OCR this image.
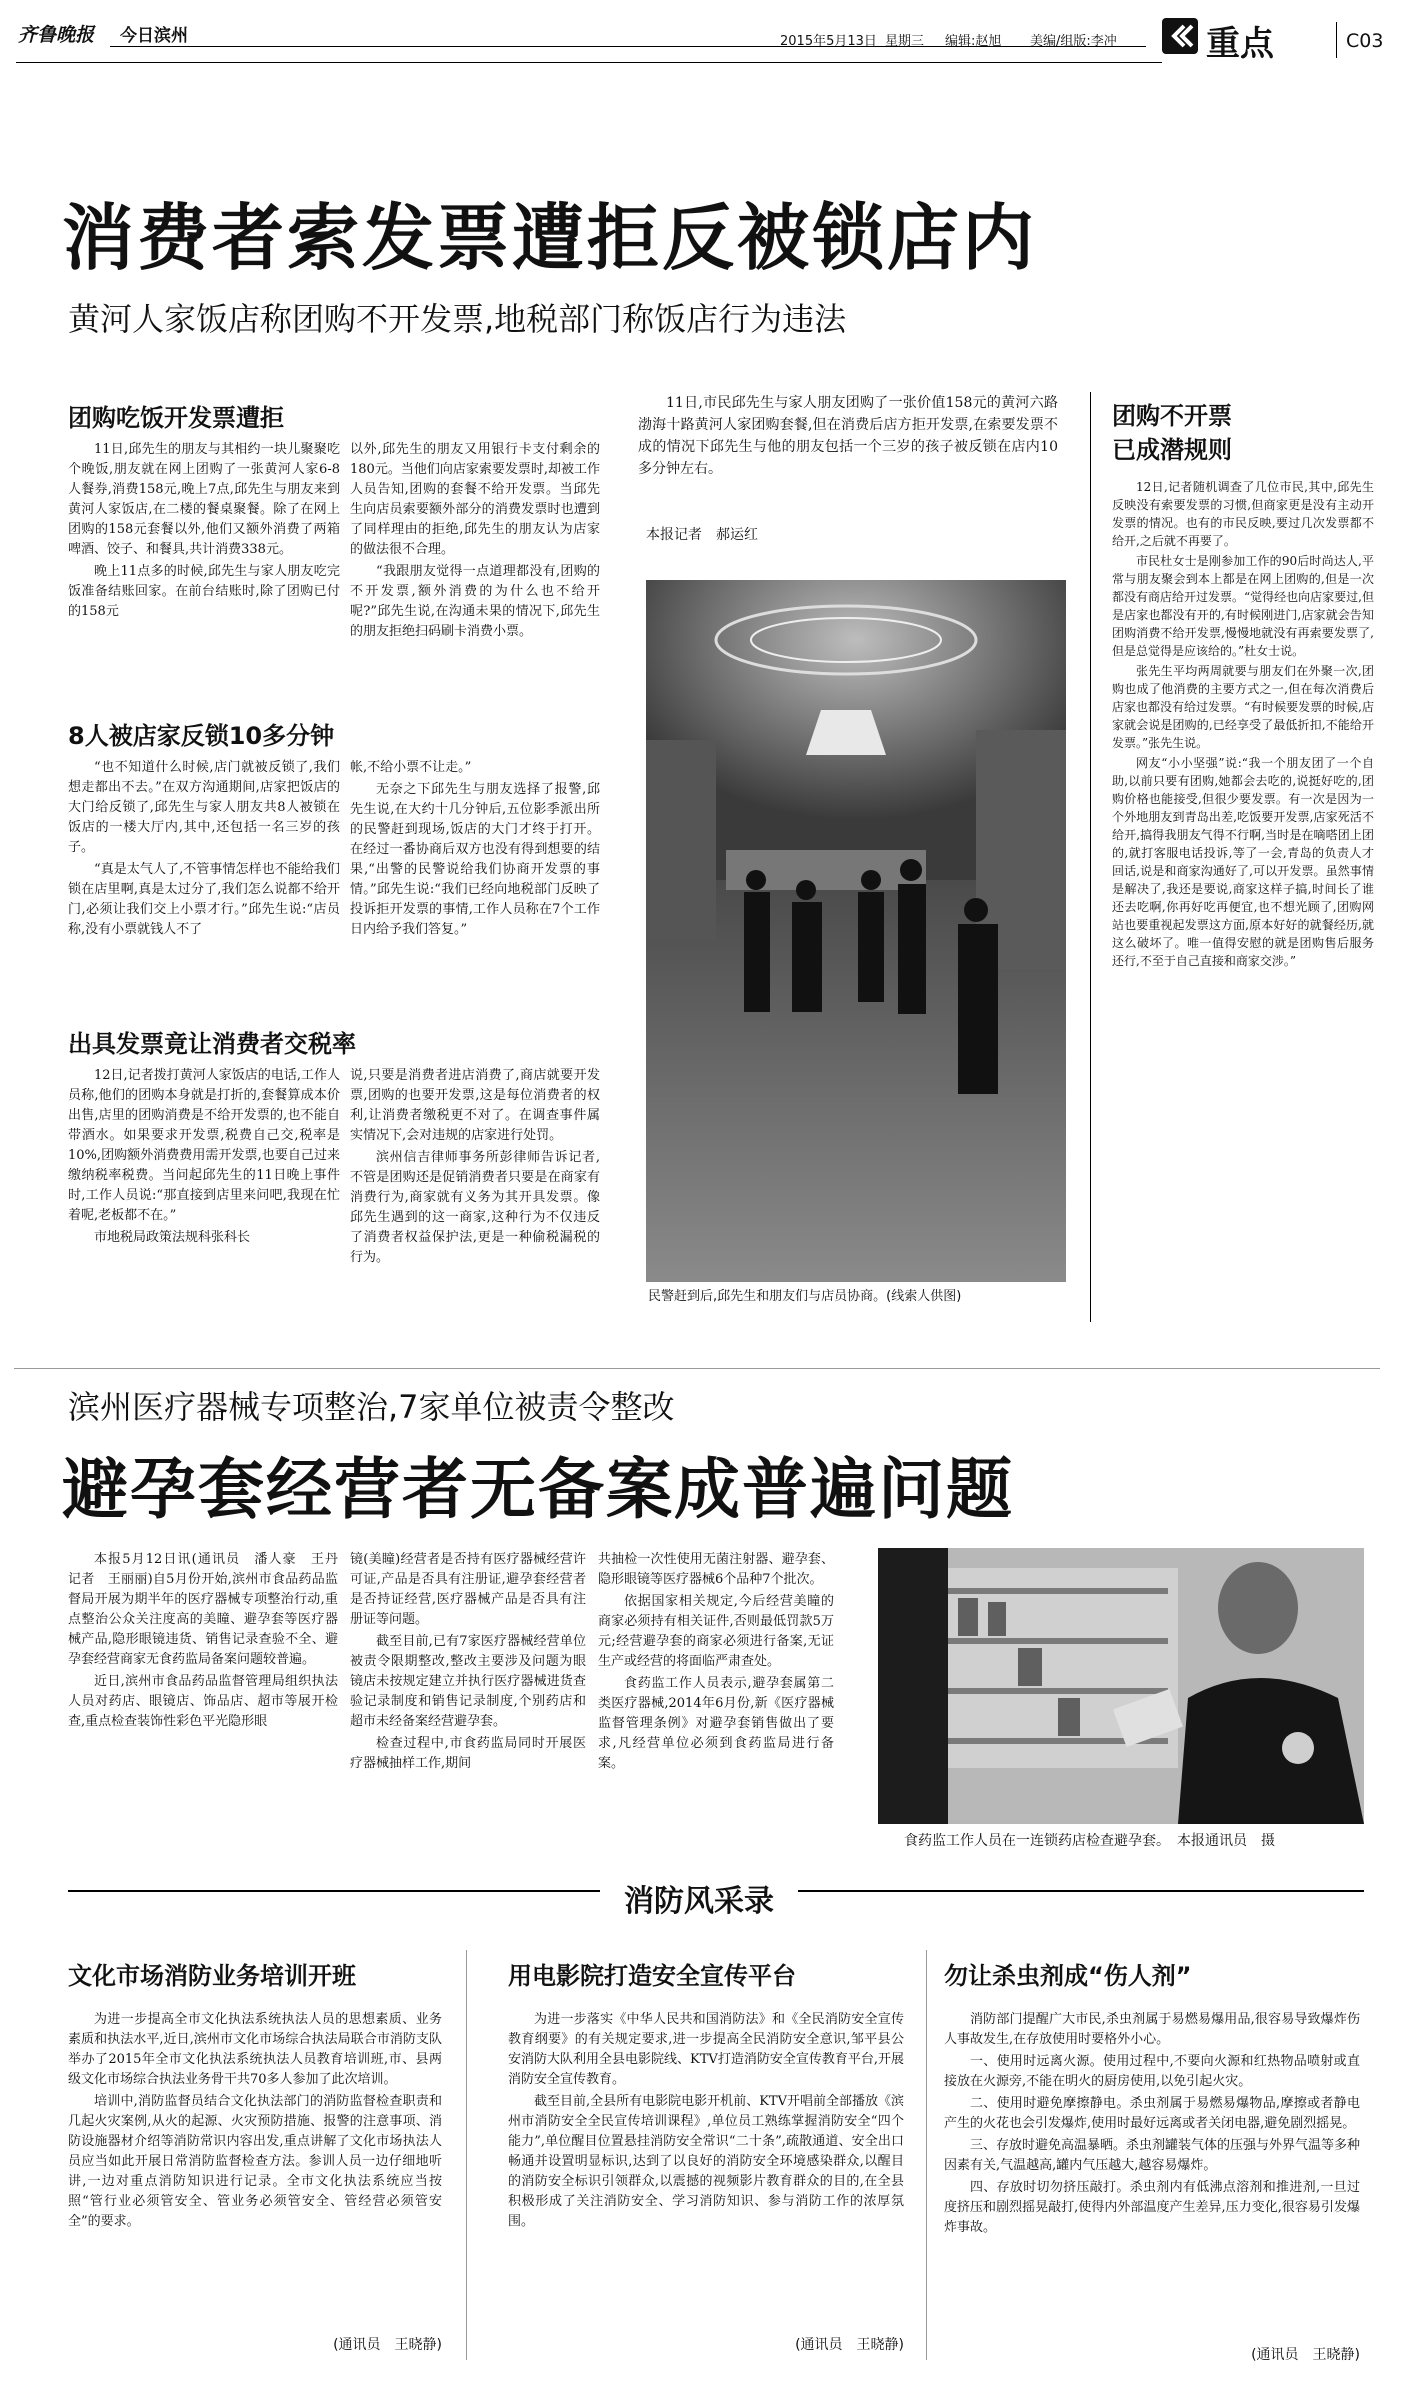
齐鲁晚报 今日滨州	2015年5月13日 星期三 编辑:赵旭 美编/组版:李冲	重点	C03
消费者索发票遭拒反被锁店内
黄河人家饭店称团购不开发票,地税部门称饭店行为违法
团购吃饭开发票遭拒

11日,邱先生的朋友与其相约一块儿聚聚吃个晚饭,朋友就在网上团购了一张黄河人家6-8人餐券,消费158元,晚上7点,邱先生与朋友来到黄河人家饭店,在二楼的餐桌聚餐。除了在网上团购的158元套餐以外,他们又额外消费了两箱啤酒、饺子、和餐具,共计消费338元。

晚上11点多的时候,邱先生与家人朋友吃完饭准备结账回家。在前台结账时,除了团购已付的158元

以外,邱先生的朋友又用银行卡支付剩余的180元。当他们向店家索要发票时,却被工作人员告知,团购的套餐不给开发票。当邱先生向店员索要额外部分的消费发票时也遭到了同样理由的拒绝,邱先生的朋友认为店家的做法很不合理。

“我跟朋友觉得一点道理都没有,团购的不开发票,额外消费的为什么也不给开呢?”邱先生说,在沟通未果的情况下,邱先生的朋友拒绝扫码刷卡消费小票。

8人被店家反锁10多分钟

“也不知道什么时候,店门就被反锁了,我们想走都出不去。”在双方沟通期间,店家把饭店的大门给反锁了,邱先生与家人朋友共8人被锁在饭店的一楼大厅内,其中,还包括一名三岁的孩子。

“真是太气人了,不管事情怎样也不能给我们锁在店里啊,真是太过分了,我们怎么说都不给开门,必须让我们交上小票才行。”邱先生说:“店员称,没有小票就钱人不了

帐,不给小票不让走。”

无奈之下邱先生与朋友选择了报警,邱先生说,在大约十几分钟后,五位影季派出所的民警赶到现场,饭店的大门才终于打开。在经过一番协商后双方也没有得到想要的结果,“出警的民警说给我们协商开发票的事情。”邱先生说:“我们已经向地税部门反映了投诉拒开发票的事情,工作人员称在7个工作日内给予我们答复。”

出具发票竟让消费者交税率

12日,记者拨打黄河人家饭店的电话,工作人员称,他们的团购本身就是打折的,套餐算成本价出售,店里的团购消费是不给开发票的,也不能自带酒水。如果要求开发票,税费自己交,税率是10%,团购额外消费费用需开发票,也要自己过来缴纳税率税费。当问起邱先生的11日晚上事件时,工作人员说:“那直接到店里来问吧,我现在忙着呢,老板都不在。”

市地税局政策法规科张科长

说,只要是消费者进店消费了,商店就要开发票,团购的也要开发票,这是每位消费者的权利,让消费者缴税更不对了。在调查事件属实情况下,会对违规的店家进行处罚。

滨州信吉律师事务所彭律师告诉记者,不管是团购还是促销消费者只要是在商家有消费行为,商家就有义务为其开具发票。像邱先生遇到的这一商家,这种行为不仅违反了消费者权益保护法,更是一种偷税漏税的行为。

11日,市民邱先生与家人朋友团购了一张价值158元的黄河六路渤海十路黄河人家团购套餐,但在消费后店方拒开发票,在索要发票不成的情况下邱先生与他的朋友包括一个三岁的孩子被反锁在店内10多分钟左右。

本报记者　郝运红
民警赶到后,邱先生和朋友们与店员协商。(线索人供图)
团购不开票
已成潜规则

12日,记者随机调查了几位市民,其中,邱先生反映没有索要发票的习惯,但商家更是没有主动开发票的情况。也有的市民反映,要过几次发票都不给开,之后就不再要了。

市民杜女士是刚参加工作的90后时尚达人,平常与朋友聚会到本上都是在网上团购的,但是一次都没有商店给开过发票。“觉得经也向店家要过,但是店家也都没有开的,有时候刚进门,店家就会告知团购消费不给开发票,慢慢地就没有再索要发票了,但是总觉得是应该给的。”杜女士说。

张先生平均两周就要与朋友们在外聚一次,团购也成了他消费的主要方式之一,但在每次消费后店家也都没有给过发票。“有时候要发票的时候,店家就会说是团购的,已经享受了最低折扣,不能给开发票。”张先生说。

网友“小小坚强”说:“我一个朋友团了一个自助,以前只要有团购,她都会去吃的,说挺好吃的,团购价格也能接受,但很少要发票。有一次是因为一个外地朋友到青岛出差,吃饭要开发票,店家死活不给开,搞得我朋友气得不行啊,当时是在嘀嗒团上团的,就打客服电话投诉,等了一会,青岛的负责人才回话,说是和商家沟通好了,可以开发票。虽然事情是解决了,我还是要说,商家这样子搞,时间长了谁还去吃啊,你再好吃再便宜,也不想光顾了,团购网站也要重视起发票这方面,原本好好的就餐经历,就这么破坏了。唯一值得安慰的就是团购售后服务还行,不至于自己直接和商家交涉。”

滨州医疗器械专项整治,7家单位被责令整改
避孕套经营者无备案成普遍问题

本报5月12日讯(通讯员　潘人豪　王丹　记者　王丽丽)自5月份开始,滨州市食品药品监督局开展为期半年的医疗器械专项整治行动,重点整治公众关注度高的美瞳、避孕套等医疗器械产品,隐形眼镜违货、销售记录查验不全、避孕套经营商家无食药监局备案问题较普遍。

近日,滨州市食品药品监督管理局组织执法人员对药店、眼镜店、饰品店、超市等展开检查,重点检查装饰性彩色平光隐形眼

镜(美瞳)经营者是否持有医疗器械经营许可证,产品是否具有注册证,避孕套经营者是否持证经营,医疗器械产品是否具有注册证等问题。

截至目前,已有7家医疗器械经营单位被责令限期整改,整改主要涉及问题为眼镜店未按规定建立并执行医疗器械进货查验记录制度和销售记录制度,个别药店和超市未经备案经营避孕套。

检查过程中,市食药监局同时开展医疗器械抽样工作,期间

共抽检一次性使用无菌注射器、避孕套、隐形眼镜等医疗器械6个品种7个批次。

依据国家相关规定,今后经营美瞳的商家必须持有相关证件,否则最低罚款5万元;经营避孕套的商家必须进行备案,无证生产或经营的将面临严肃查处。

食药监工作人员表示,避孕套属第二类医疗器械,2014年6月份,新《医疗器械监督管理条例》对避孕套销售做出了要求,凡经营单位必须到食药监局进行备案。

食药监工作人员在一连锁药店检查避孕套。　本报通讯员　摄
消防风采录
文化市场消防业务培训开班

为进一步提高全市文化执法系统执法人员的思想素质、业务素质和执法水平,近日,滨州市文化市场综合执法局联合市消防支队举办了2015年全市文化执法系统执法人员教育培训班,市、县两级文化市场综合执法业务骨干共70多人参加了此次培训。

培训中,消防监督员结合文化执法部门的消防监督检查职责和几起火灾案例,从火的起源、火灾预防措施、报警的注意事项、消防设施器材介绍等消防常识内容出发,重点讲解了文化市场执法人员应当如此开展日常消防监督检查方法。参训人员一边仔细地听讲,一边对重点消防知识进行记录。全市文化执法系统应当按照“管行业必须管安全、管业务必须管安全、管经营必须管安全”的要求。

(通讯员　王晓静)
用电影院打造安全宣传平台

为进一步落实《中华人民共和国消防法》和《全民消防安全宣传教育纲要》的有关规定要求,进一步提高全民消防安全意识,邹平县公安消防大队利用全县电影院线、KTV打造消防安全宣传教育平台,开展消防安全宣传教育。

截至目前,全县所有电影院电影开机前、KTV开唱前全部播放《滨州市消防安全全民宣传培训课程》,单位员工熟练掌握消防安全“四个能力”,单位醒目位置悬挂消防安全常识“二十条”,疏散通道、安全出口畅通并设置明显标识,达到了以良好的消防安全环境感染群众,以醒目的消防安全标识引领群众,以震撼的视频影片教育群众的目的,在全县积极形成了关注消防安全、学习消防知识、参与消防工作的浓厚氛围。

(通讯员　王晓静)
勿让杀虫剂成“伤人剂”

消防部门提醒广大市民,杀虫剂属于易燃易爆用品,很容易导致爆炸伤人事故发生,在存放使用时要格外小心。

一、使用时远离火源。使用过程中,不要向火源和红热物品喷射或直接放在火源旁,不能在明火的厨房使用,以免引起火灾。

二、使用时避免摩擦静电。杀虫剂属于易燃易爆物品,摩擦或者静电产生的火花也会引发爆炸,使用时最好远离或者关闭电器,避免剧烈摇晃。

三、存放时避免高温暴晒。杀虫剂罐装气体的压强与外界气温等多种因素有关,气温越高,罐内气压越大,越容易爆炸。

四、存放时切勿挤压敲打。杀虫剂内有低沸点溶剂和推进剂,一旦过度挤压和剧烈摇晃敲打,使得内外部温度产生差异,压力变化,很容易引发爆炸事故。

(通讯员　王晓静)
